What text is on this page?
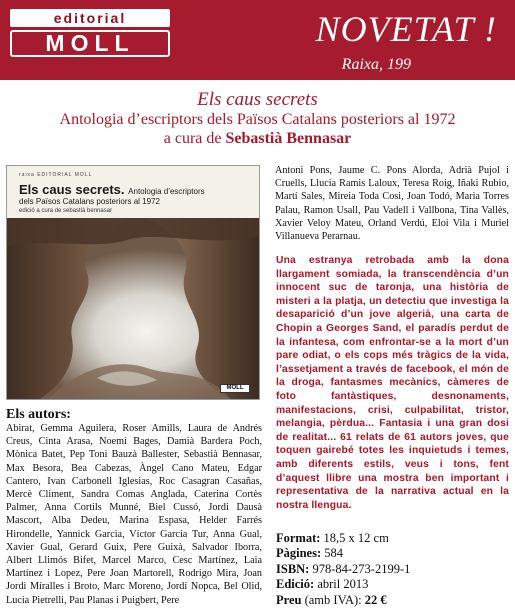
editorial
MOLL	NOVETAT !
Raixa, 199
Els caus secrets
Antologia d’escriptors dels Països Catalans posteriors al 1972
a cura de Sebastià Bennasar
raixa EDITORIAL MOLL
Els caus secrets. Antologia d’escriptors
dels Països Catalans posteriors al 1972
edició a cura de sebastià bennasar
MOLL
Els autors:
Abirat, Gemma Aguilera, Roser Amills, Laura de Andrés Creus, Cinta Arasa, Noemí Bages, Damià Bardera Poch, Mònica Batet, Pep Toni Bauzà Ballester, Sebastià Bennasar, Max Besora, Bea Cabezas, Àngel Cano Mateu, Edgar Cantero, Ivan Carbonell Iglesias, Roc Casagran Casañas, Mercè Climent, Sandra Comas Anglada, Caterina Cortès Palmer, Anna Cortils Munné, Biel Cussó, Jordi Dausà Mascort, Alba Dedeu, Marina Espasa, Helder Farrés Hirondelle, Yannick Garcia, Víctor Garcia Tur, Anna Gual, Xavier Gual, Gerard Guix, Pere Guixà, Salvador Iborra, Albert Llimós Bifet, Marcel Marco, Cesc Martínez, Laia Martínez i Lopez, Pere Joan Martorell, Rodrigo Mira, Joan Jordi Miralles i Broto, Marc Moreno, Jordi Nopca, Bel Olid, Lucia Pietrelli, Pau Planas i Puigbert, Pere
Antoni Pons, Jaume C. Pons Alorda, Adrià Pujol i Cruells, Llucia Ramis Laloux, Teresa Roig, Iñaki Rubio, Martí Sales, Mireia Toda Cosi, Joan Todó, Maria Torres Palau, Ramon Usall, Pau Vadell i Vallbona, Tina Vallès, Xavier Veloy Mateu, Orland Verdú, Eloi Vila i Muriel Villanueva Perarnau.
Una estranya retrobada amb la dona llargament somiada, la transcendència d’un innocent suc de taronja, una història de misteri a la platja, un detectiu que investiga la desaparició d’un jove algerià, una carta de Chopin a Georges Sand, el paradís perdut de la infantesa, com enfrontar-se a la mort d’un pare odiat, o els cops més tràgics de la vida, l’assetjament a través de facebook, el món de la droga, fantasmes mecànics, càmeres de foto fantàstiques, desnonaments, manifestacions, crisi, culpabilitat, tristor, melangia, pèrdua... Fantasia i una gran dosi de realitat... 61 relats de 61 autors joves, que toquen gairebé totes les inquietuds i temes, amb diferents estils, veus i tons, fent d’aquest llibre una mostra ben important i representativa de la narrativa actual en la nostra llengua.
Format: 18,5 x 12 cm
Pàgines: 584
ISBN: 978-84-273-2199-1
Edició: abril 2013
Preu (amb IVA): 22 €
